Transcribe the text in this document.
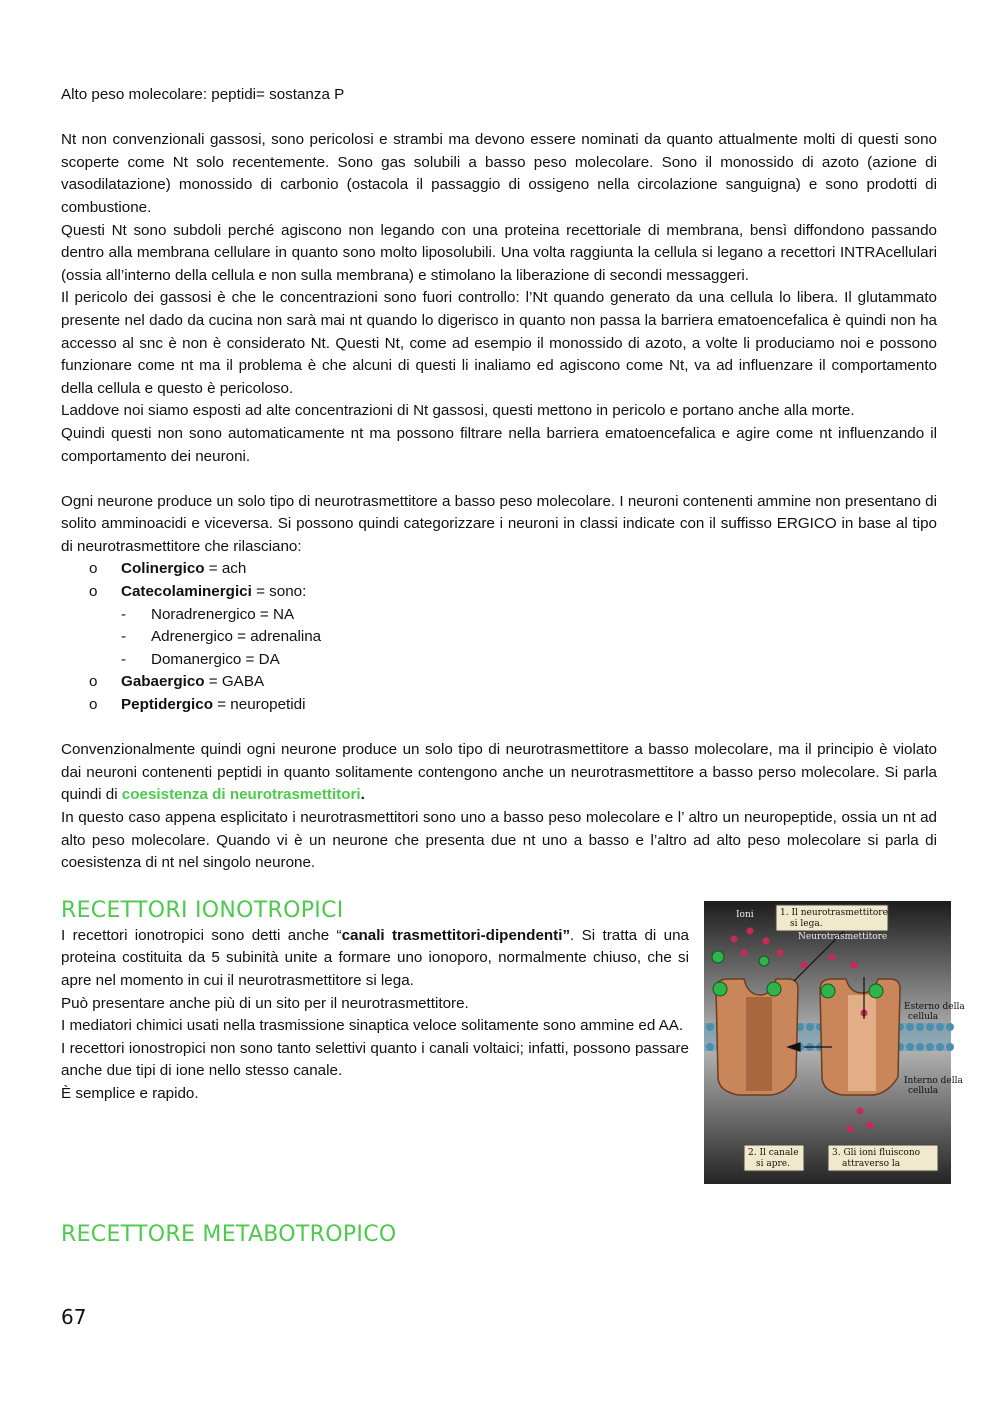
Alto peso molecolare: peptidi= sostanza P

Nt non convenzionali gassosi, sono pericolosi e strambi ma devono essere nominati da quanto attualmente molti di questi sono scoperte come Nt solo recentemente. Sono gas solubili a basso peso molecolare. Sono il monossido di azoto (azione di vasodilatazione) monossido di carbonio (ostacola il passaggio di ossigeno nella circolazione sanguigna) e sono prodotti di combustione.

Questi Nt sono subdoli perché agiscono non legando con una proteina recettoriale di membrana, bensì diffondono passando dentro alla membrana cellulare in quanto sono molto liposolubili. Una volta raggiunta la cellula si legano a recettori INTRAcellulari (ossia all’interno della cellula e non sulla membrana) e stimolano la liberazione di secondi messaggeri.

Il pericolo dei gassosi è che le concentrazioni sono fuori controllo: l’Nt quando generato da una cellula lo libera. Il glutammato presente nel dado da cucina non sarà mai nt quando lo digerisco in quanto non passa la barriera ematoencefalica è quindi non ha accesso al snc è non è considerato Nt. Questi Nt, come ad esempio il monossido di azoto, a volte li produciamo noi e possono funzionare come nt ma il problema è che alcuni di questi li inaliamo ed agiscono come Nt, va ad influenzare il comportamento della cellula e questo è pericoloso.

Laddove noi siamo esposti ad alte concentrazioni di Nt gassosi, questi mettono in pericolo e portano anche alla morte.

Quindi questi non sono automaticamente nt ma possono filtrare nella barriera ematoencefalica e agire come nt influenzando il comportamento dei neuroni.

Ogni neurone produce un solo tipo di neurotrasmettitore a basso peso molecolare. I neuroni contenenti ammine non presentano di solito amminoacidi e viceversa. Si possono quindi categorizzare i neuroni in classi indicate con il suffisso ERGICO in base al tipo di neurotrasmettitore che rilasciano:

o Colinergico = ach
o Catecolaminergici = sono:
- Noradrenergico = NA
- Adrenergico = adrenalina
- Domanergico = DA
o Gabaergico = GABA
o Peptidergico = neuropetidi

Convenzionalmente quindi ogni neurone produce un solo tipo di neurotrasmettitore a basso molecolare, ma il principio è violato dai neuroni contenenti peptidi in quanto solitamente contengono anche un neurotrasmettitore a basso perso molecolare. Si parla quindi di coesistenza di neurotrasmettitori.

In questo caso appena esplicitato i neurotrasmettitori sono uno a basso peso molecolare e l’ altro un neuropeptide, ossia un nt ad alto peso molecolare. Quando vi è un neurone che presenta due nt uno a basso e l’altro ad alto peso molecolare si parla di coesistenza di nt nel singolo neurone.

RECETTORI IONOTROPICI

I recettori ionotropici sono detti anche “canali trasmettitori-dipendenti”. Si tratta di una proteina costituita da 5 subinità unite a formare uno ionoporo, normalmente chiuso, che si apre nel momento in cui il neurotrasmettitore si lega.

Può presentare anche più di un sito per il neurotrasmettitore.

I mediatori chimici usati nella trasmissione sinaptica veloce solitamente sono ammine ed AA.

I recettori ionostropici non sono tanto selettivi quanto i canali voltaici; infatti, possono passare anche due tipi di ione nello stesso canale.

È semplice e rapido.

1. Il neurotrasmettitore
si lega.
Ioni
Neurotrasmettitore
Esterno della
cellula
Interno della
cellula
2. Il canale
si apre.
3. Gli ioni fluiscono
attraverso la
RECETTORE METABOTROPICO
67
